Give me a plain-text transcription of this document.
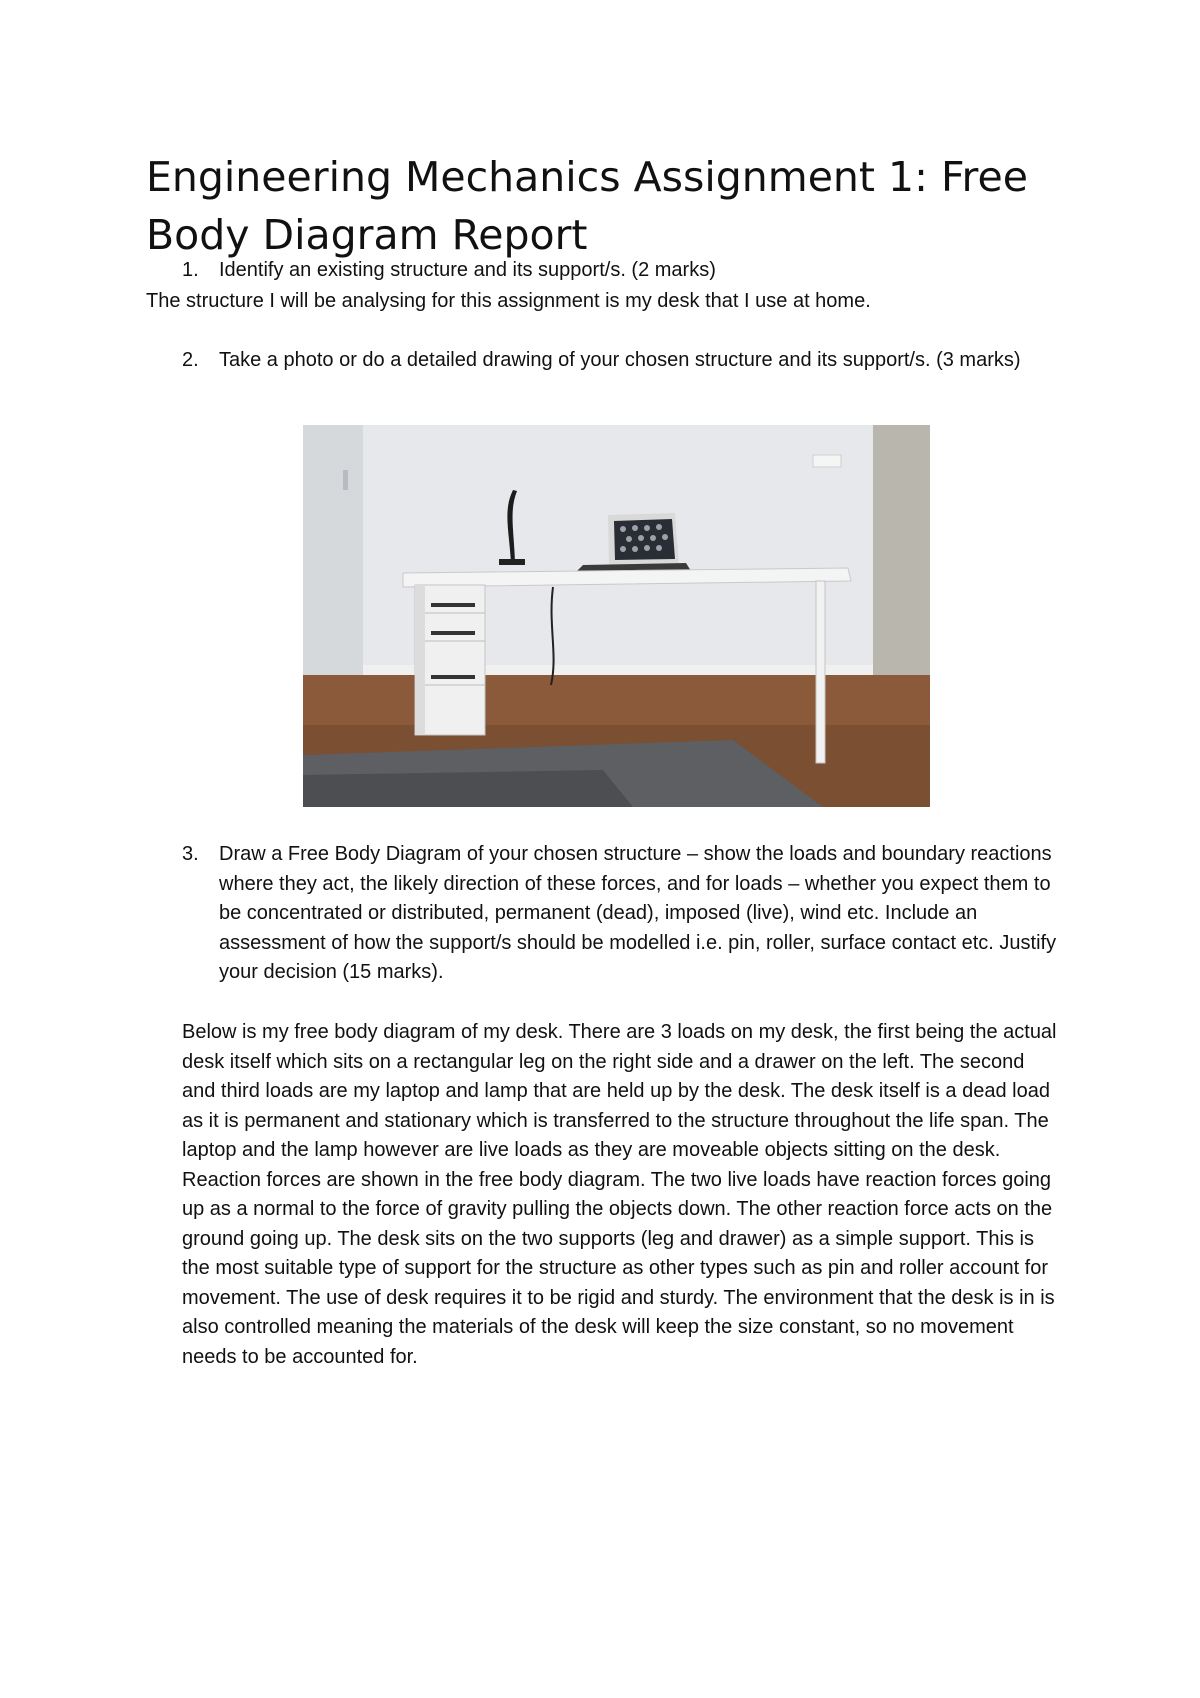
Engineering Mechanics Assignment 1: Free Body Diagram Report
1.	Identify an existing structure and its support/s. (2 marks)
The structure I will be analysing for this assignment is my desk that I use at home.
2.	Take a photo or do a detailed drawing of your chosen structure and its support/s. (3 marks)
3.	Draw a Free Body Diagram of your chosen structure – show the loads and boundary reactions where they act, the likely direction of these forces, and for loads – whether you expect them to be concentrated or distributed, permanent (dead), imposed (live), wind etc. Include an assessment of how the support/s should be modelled i.e. pin, roller, surface contact etc. Justify your decision (15 marks).
Below is my free body diagram of my desk. There are 3 loads on my desk, the first being the actual desk itself which sits on a rectangular leg on the right side and a drawer on the left. The second and third loads are my laptop and lamp that are held up by the desk. The desk itself is a dead load as it is permanent and stationary which is transferred to the structure throughout the life span. The laptop and the lamp however are live loads as they are moveable objects sitting on the desk. Reaction forces are shown in the free body diagram. The two live loads have reaction forces going up as a normal to the force of gravity pulling the objects down. The other reaction force acts on the ground going up. The desk sits on the two supports (leg and drawer) as a simple support. This is the most suitable type of support for the structure as other types such as pin and roller account for movement. The use of desk requires it to be rigid and sturdy. The environment that the desk is in is also controlled meaning the materials of the desk will keep the size constant, so no movement needs to be accounted for.
